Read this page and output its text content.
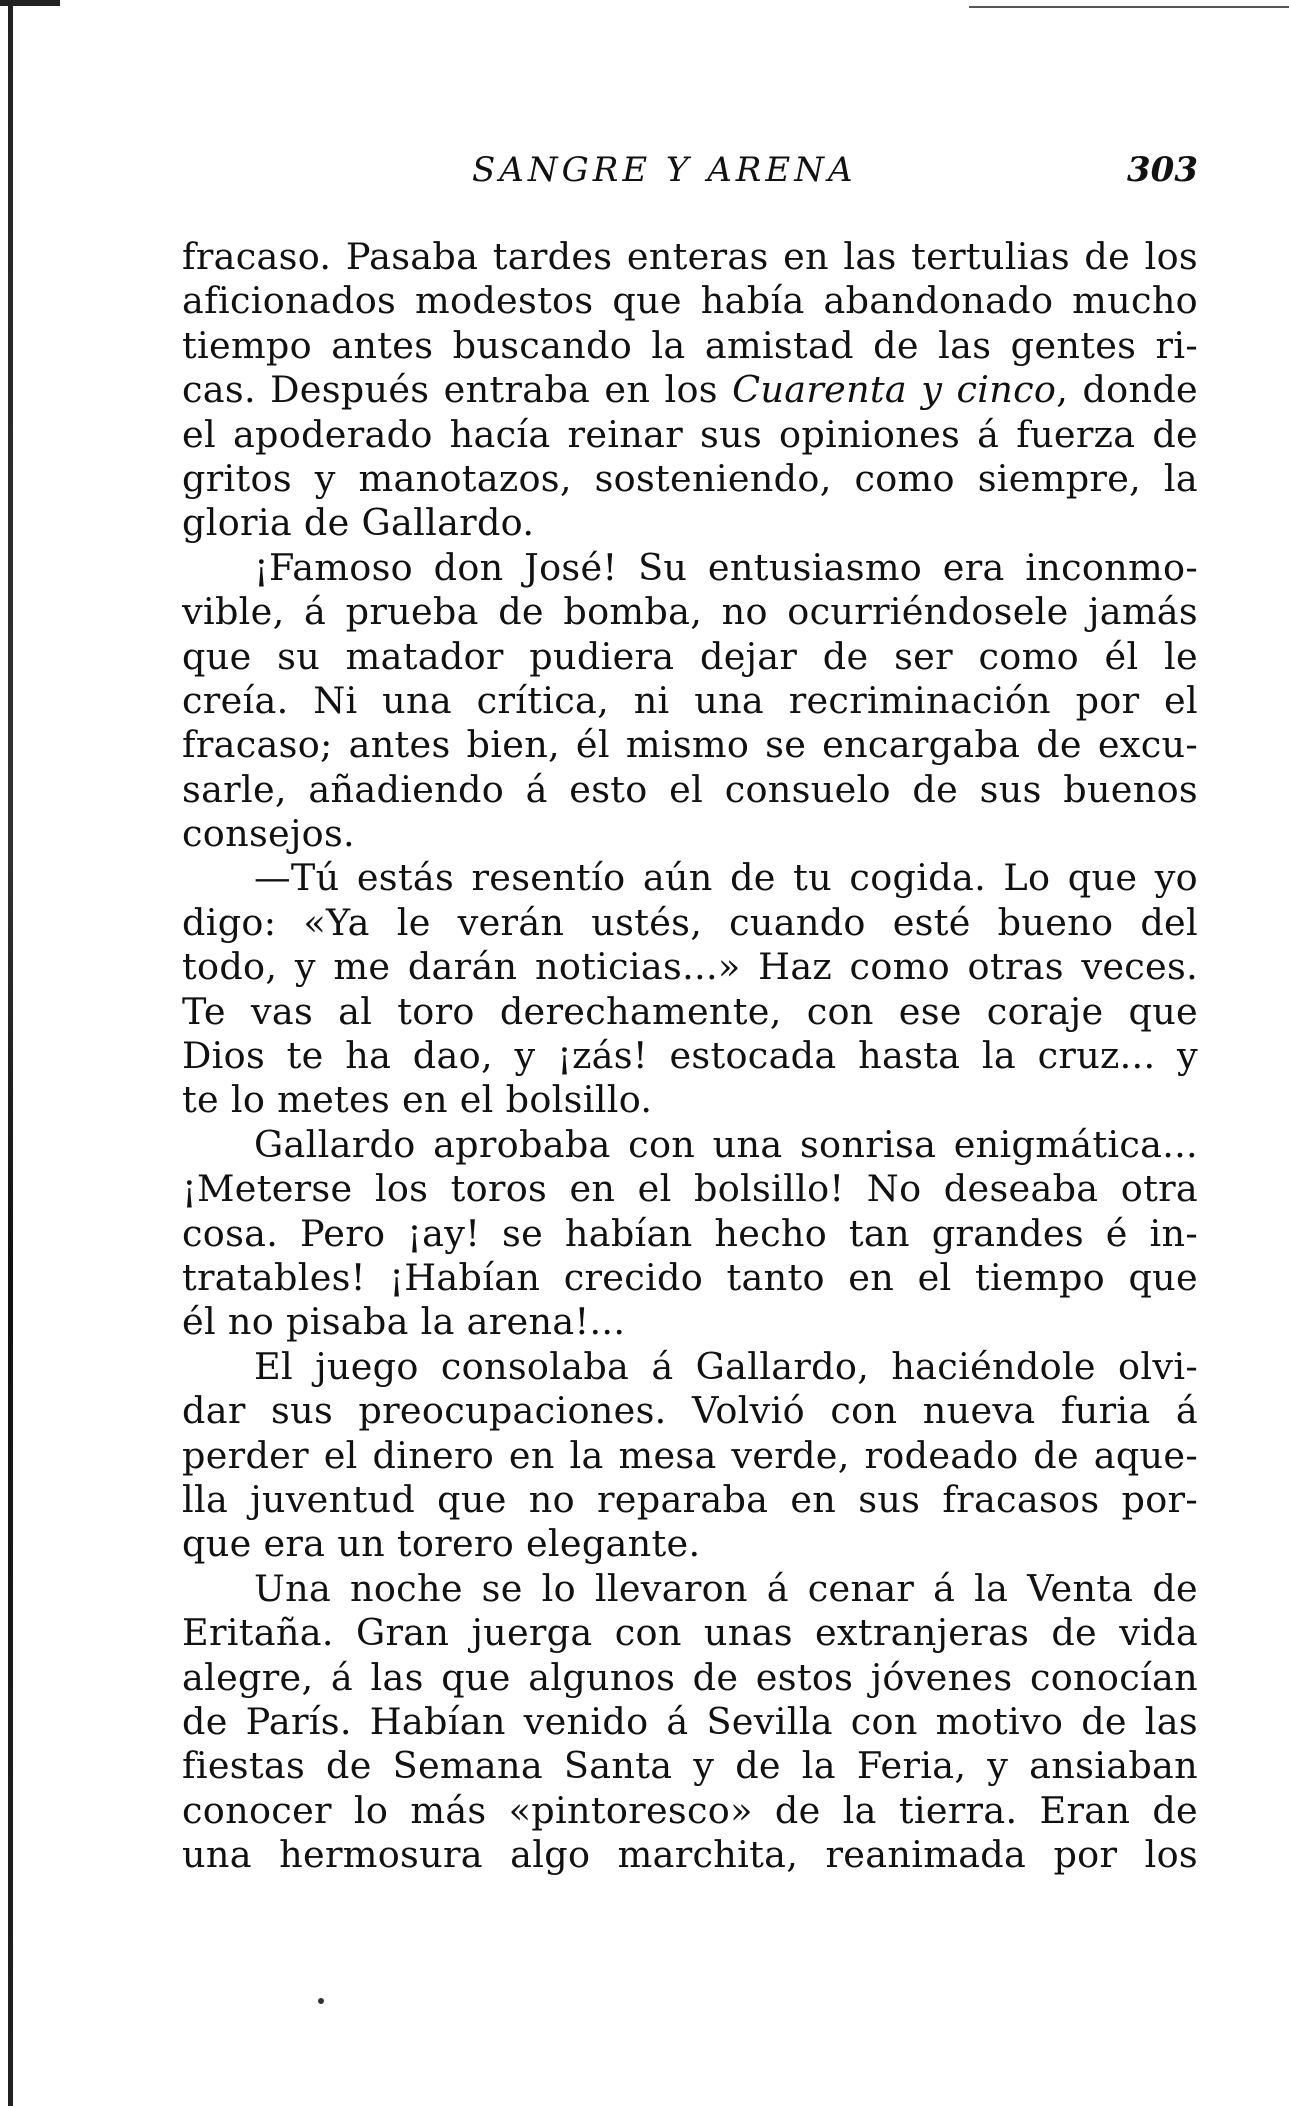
SANGRE Y ARENA	303
fracaso. Pasaba tardes enteras en las tertulias de los
aficionados modestos que había abandonado mucho
tiempo antes buscando la amistad de las gentes ri-
cas. Después entraba en los Cuarenta y cinco, donde
el apoderado hacía reinar sus opiniones á fuerza de
gritos y manotazos, sosteniendo, como siempre, la
gloria de Gallardo.
¡Famoso don José! Su entusiasmo era inconmo-
vible, á prueba de bomba, no ocurriéndosele jamás
que su matador pudiera dejar de ser como él le
creía. Ni una crítica, ni una recriminación por el
fracaso; antes bien, él mismo se encargaba de excu-
sarle, añadiendo á esto el consuelo de sus buenos
consejos.
—Tú estás resentío aún de tu cogida. Lo que yo
digo: «Ya le verán ustés, cuando esté bueno del
todo, y me darán noticias...» Haz como otras veces.
Te vas al toro derechamente, con ese coraje que
Dios te ha dao, y ¡zás! estocada hasta la cruz... y
te lo metes en el bolsillo.
Gallardo aprobaba con una sonrisa enigmática...
¡Meterse los toros en el bolsillo! No deseaba otra
cosa. Pero ¡ay! se habían hecho tan grandes é in-
tratables! ¡Habían crecido tanto en el tiempo que
él no pisaba la arena!...
El juego consolaba á Gallardo, haciéndole olvi-
dar sus preocupaciones. Volvió con nueva furia á
perder el dinero en la mesa verde, rodeado de aque-
lla juventud que no reparaba en sus fracasos por-
que era un torero elegante.
Una noche se lo llevaron á cenar á la Venta de
Eritaña. Gran juerga con unas extranjeras de vida
alegre, á las que algunos de estos jóvenes conocían
de París. Habían venido á Sevilla con motivo de las
fiestas de Semana Santa y de la Feria, y ansiaban
conocer lo más «pintoresco» de la tierra. Eran de
una hermosura algo marchita, reanimada por los
